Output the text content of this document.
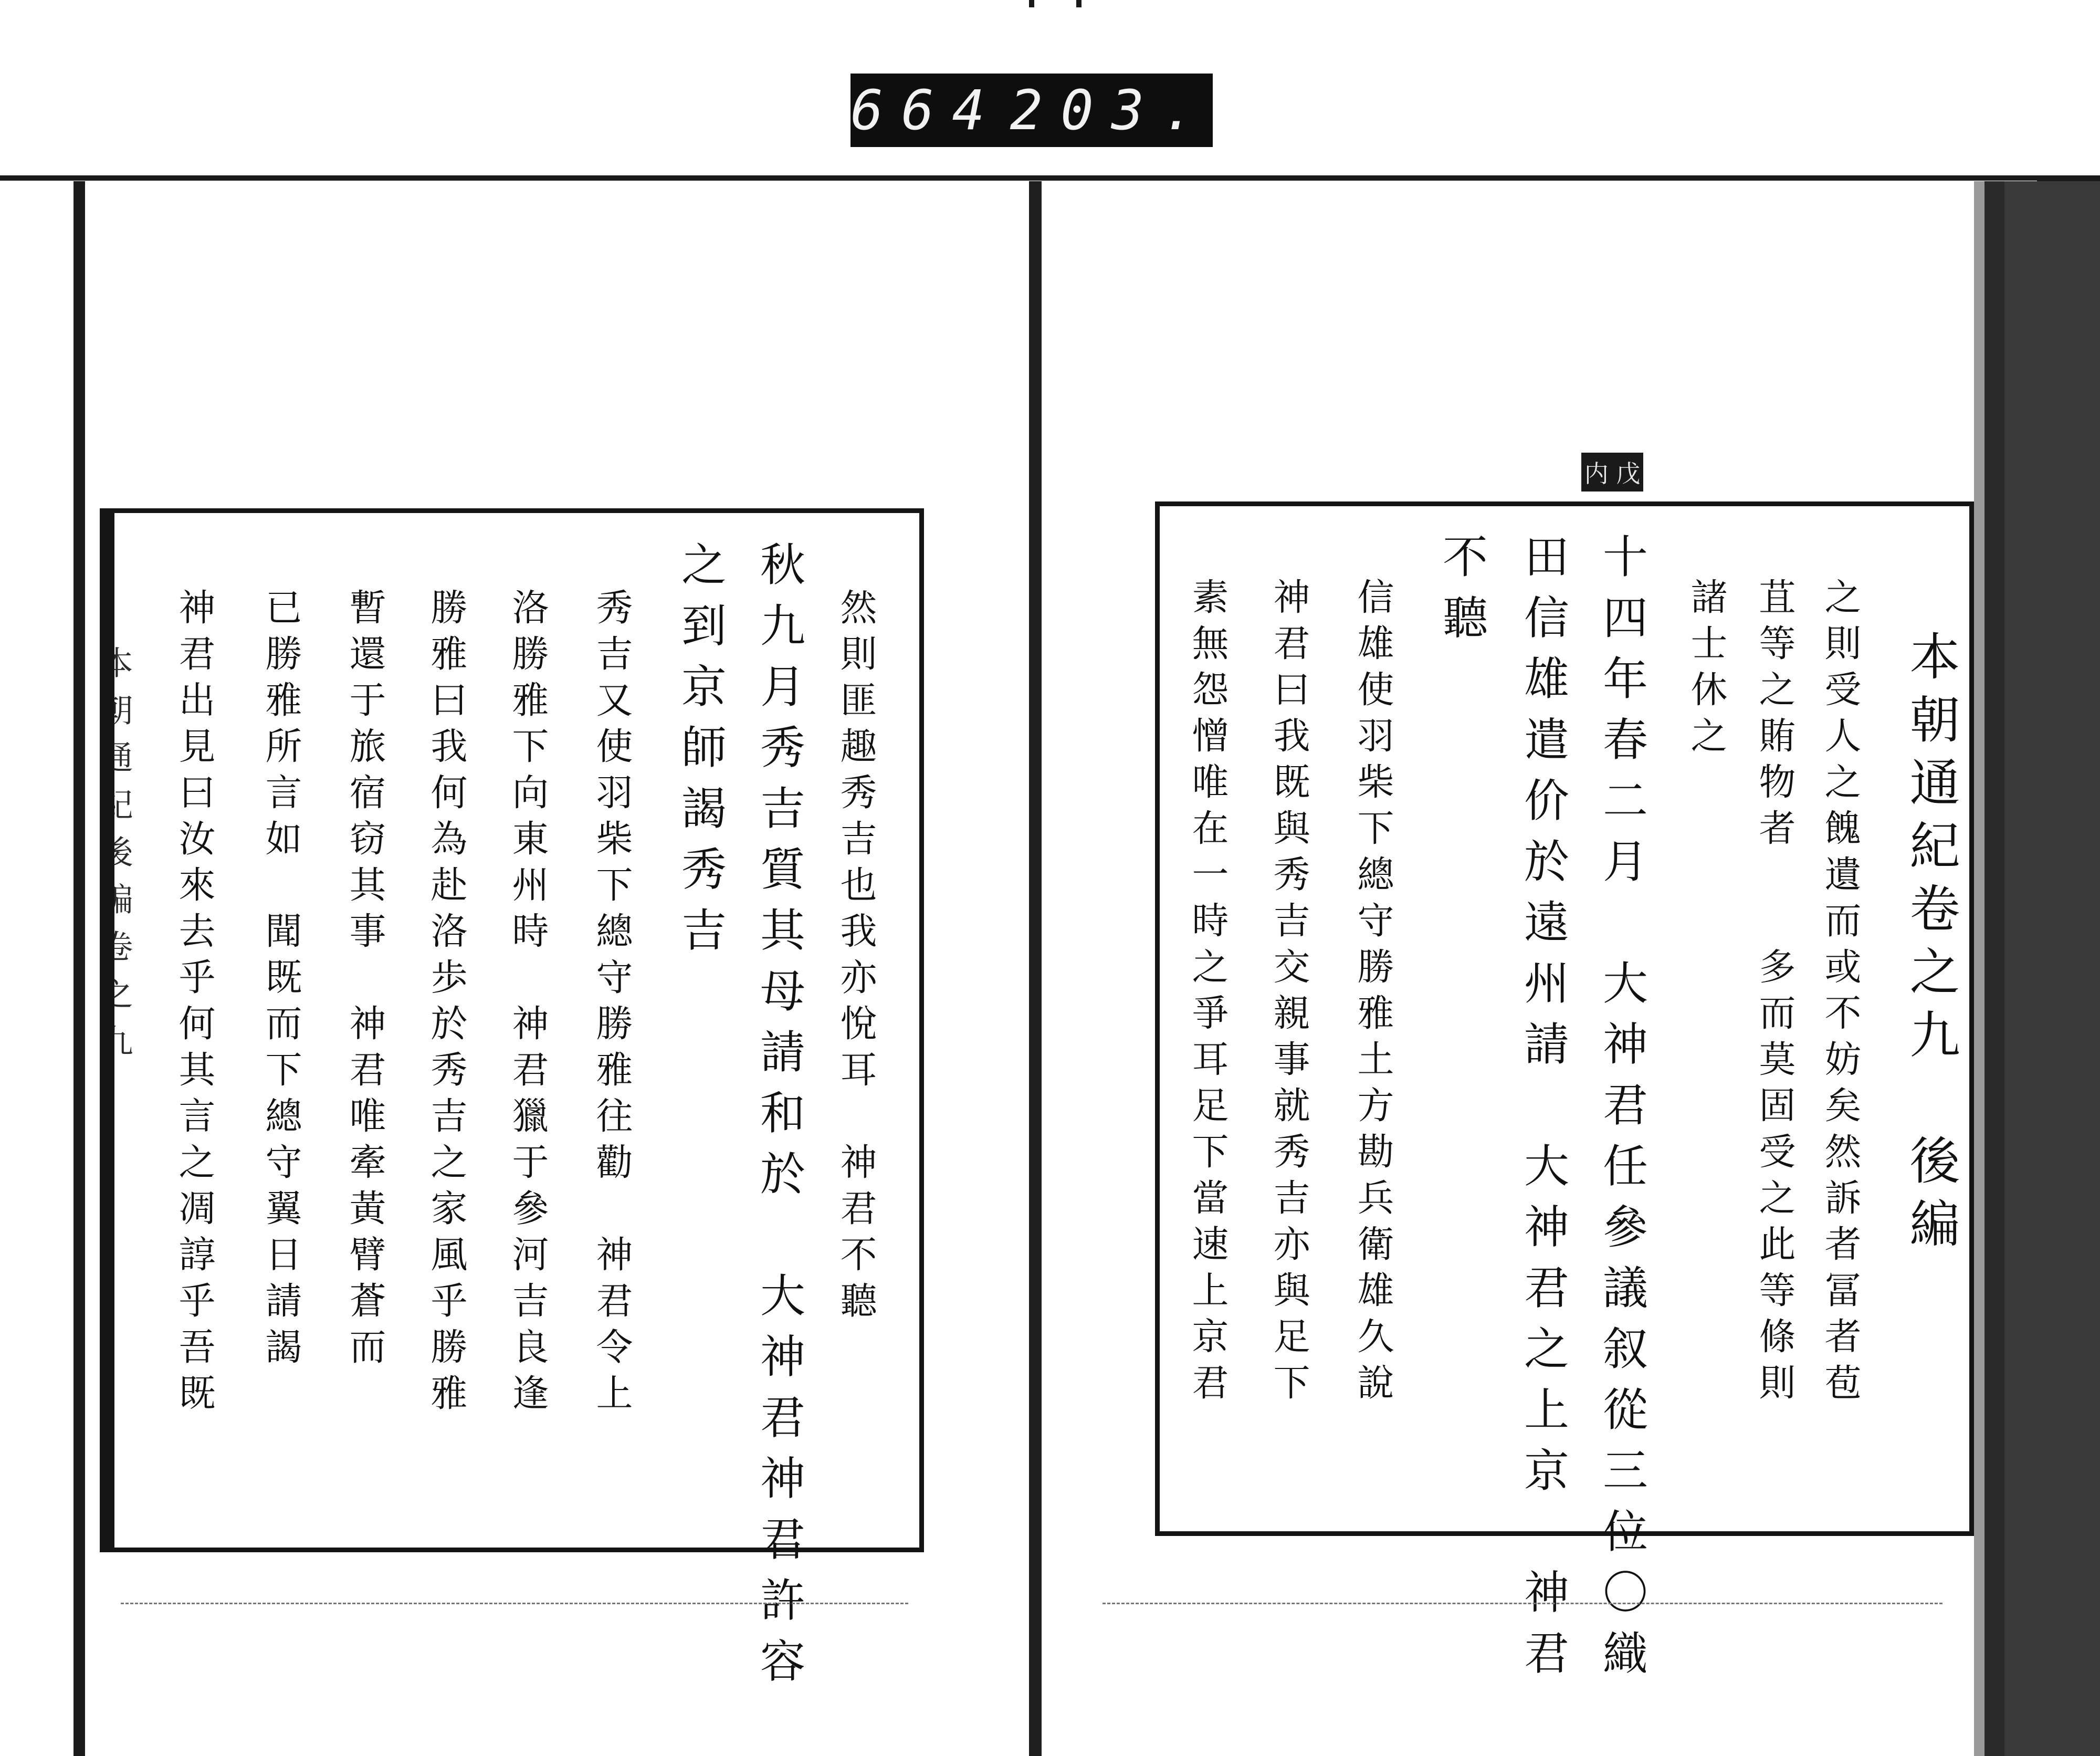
664 203.
本朝通紀後編卷之九
内 戊
本朝通紀卷之九　後編
之則受人之餽遺而或不妨矣然訴者冨者苞
苴等之賄物者　　多而莫固受之此等條則
諸士休之
十四年春二月　大神君任參議叙從三位〇織
田信雄遣价於遠州請　大神君之上京　神君
不聽
信雄使羽柴下總守勝雅土方勘兵衛雄久說
神君曰我既與秀吉交親事就秀吉亦與足下
素無怨憎唯在一時之爭耳足下當速上京君
然則匪趣秀吉也我亦悅耳　神君不聽
秋九月秀吉質其母請和於　大神君神君許容
之到京師謁秀吉
秀吉又使羽柴下總守勝雅往勸　神君令上
洛勝雅下向東州時　神君獵于參河吉良逢
勝雅曰我何為赴洛歩於秀吉之家風乎勝雅
暫還于旅宿窃其事　神君唯牽黃臂蒼而
已勝雅所言如　聞既而下總守翼日請謁
神君出見曰汝來去乎何其言之凋諄乎吾既
